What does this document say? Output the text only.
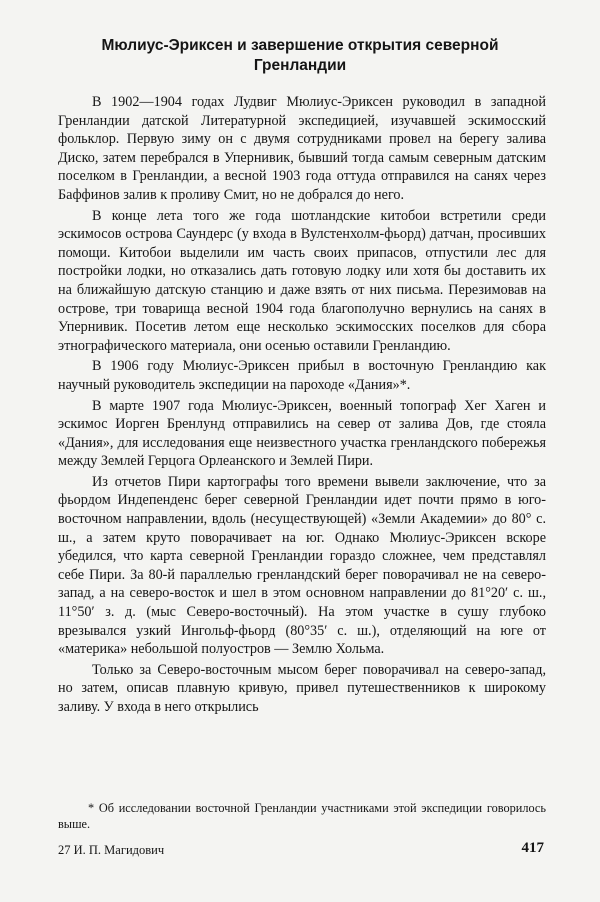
Мюлиус-Эриксен и завершение открытия северной Гренландии

В 1902—1904 годах Лудвиг Мюлиус-Эриксен руководил в западной Гренландии датской Литературной экспедицией, изучавшей эскимосский фольклор. Первую зиму он с двумя сотрудниками провел на берегу залива Диско, затем перебрался в Упернивик, бывший тогда самым северным датским поселком в Гренландии, а весной 1903 года оттуда отправился на санях через Баффинов залив к проливу Смит, но не добрался до него.

В конце лета того же года шотландские китобои встретили среди эскимосов острова Саундерс (у входа в Вулстенхолм-фьорд) датчан, просивших помощи. Китобои выделили им часть своих припасов, отпустили лес для постройки лодки, но отказались дать готовую лодку или хотя бы доставить их на ближайшую датскую станцию и даже взять от них письма. Перезимовав на острове, три товарища весной 1904 года благополучно вернулись на санях в Упернивик. Посетив летом еще несколько эскимосских поселков для сбора этнографического материала, они осенью оставили Гренландию.

В 1906 году Мюлиус-Эриксен прибыл в восточную Гренландию как научный руководитель экспедиции на пароходе «Дания»*.

В марте 1907 года Мюлиус-Эриксен, военный топограф Хег Хаген и эскимос Иорген Бренлунд отправились на север от залива Дов, где стояла «Дания», для исследования еще неизвестного участка гренландского побережья между Землей Герцога Орлеанского и Землей Пири.

Из отчетов Пири картографы того времени вывели заключение, что за фьордом Индепенденс берег северной Гренландии идет почти прямо в юго-восточном направлении, вдоль (несуществующей) «Земли Академии» до 80° с. ш., а затем круто поворачивает на юг. Однако Мюлиус-Эриксен вскоре убедился, что карта северной Гренландии гораздо сложнее, чем представлял себе Пири. За 80-й параллелью гренландский берег поворачивал не на северо-запад, а на северо-восток и шел в этом основном направлении до 81°20′ с. ш., 11°50′ з. д. (мыс Северо-восточный). На этом участке в сушу глубоко врезывался узкий Ингольф-фьорд (80°35′ с. ш.), отделяющий на юге от «материка» небольшой полуостров — Землю Хольма.

Только за Северо-восточным мысом берег поворачивал на северо-запад, но затем, описав плавную кривую, привел путешественников к широкому заливу. У входа в него открылись

* Об исследовании восточной Гренландии участниками этой экспедиции говорилось выше.
27 И. П. Магидович	417
